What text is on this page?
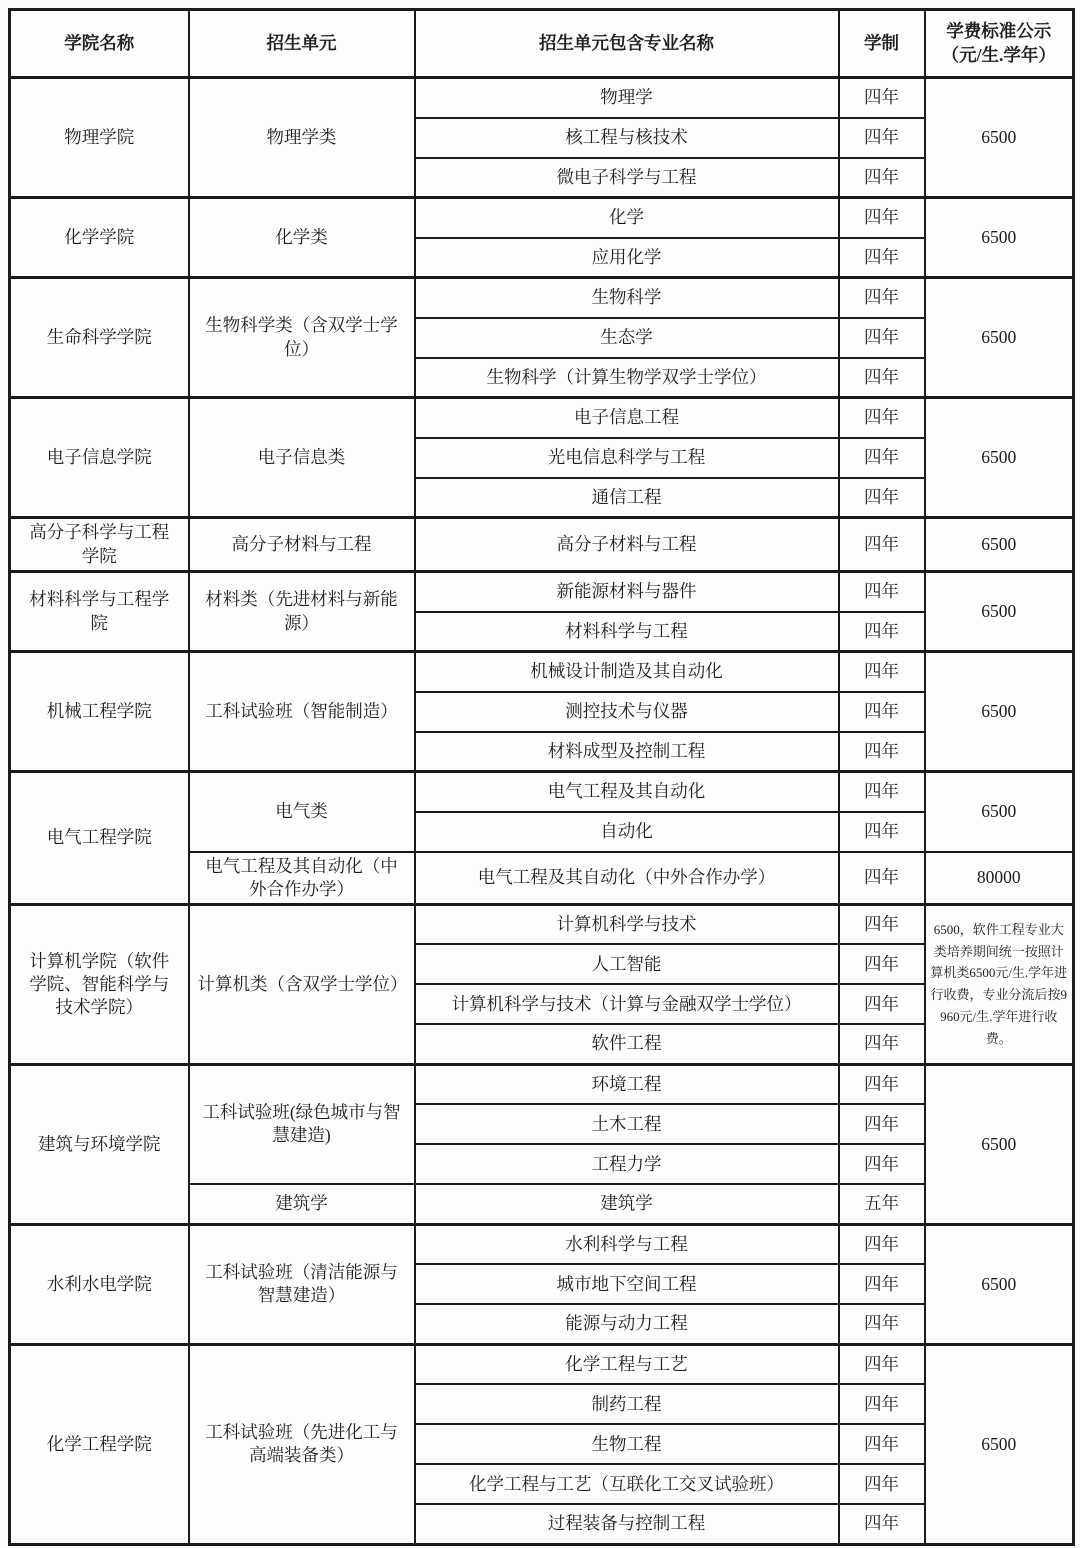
学院名称	招生单元	招生单元包含专业名称	学制	学费标准公示（元/生.学年）
物理学院	物理学类	物理学	四年	6500
		核工程与核技术	四年	
		微电子科学与工程	四年	
化学学院	化学类	化学	四年	6500
		应用化学	四年	
生命科学学院	生物科学类（含双学士学位）	生物科学	四年	6500
		生态学	四年	
		生物科学（计算生物学双学士学位）	四年	
电子信息学院	电子信息类	电子信息工程	四年	6500
		光电信息科学与工程	四年	
		通信工程	四年	
高分子科学与工程学院	高分子材料与工程	高分子材料与工程	四年	6500
材料科学与工程学院	材料类（先进材料与新能源）	新能源材料与器件	四年	6500
		材料科学与工程	四年	
机械工程学院	工科试验班（智能制造）	机械设计制造及其自动化	四年	6500
		测控技术与仪器	四年	
		材料成型及控制工程	四年	
电气工程学院	电气类	电气工程及其自动化	四年	6500
		自动化	四年	
	电气工程及其自动化（中外合作办学）	电气工程及其自动化（中外合作办学）	四年	80000
计算机学院（软件学院、智能科学与技术学院）	计算机类（含双学士学位）	计算机科学与技术	四年	6500，软件工程专业大类培养期间统一按照计算机类6500元/生.学年进行收费，专业分流后按9960元/生.学年进行收费。
		人工智能	四年	
		计算机科学与技术（计算与金融双学士学位）	四年	
		软件工程	四年	
建筑与环境学院	工科试验班(绿色城市与智慧建造)	环境工程	四年	6500
		土木工程	四年	
		工程力学	四年	
	建筑学	建筑学	五年	
水利水电学院	工科试验班（清洁能源与智慧建造）	水利科学与工程	四年	6500
		城市地下空间工程	四年	
		能源与动力工程	四年	
化学工程学院	工科试验班（先进化工与高端装备类）	化学工程与工艺	四年	6500
		制药工程	四年	
		生物工程	四年	
		化学工程与工艺（互联化工交叉试验班）	四年	
		过程装备与控制工程	四年	
